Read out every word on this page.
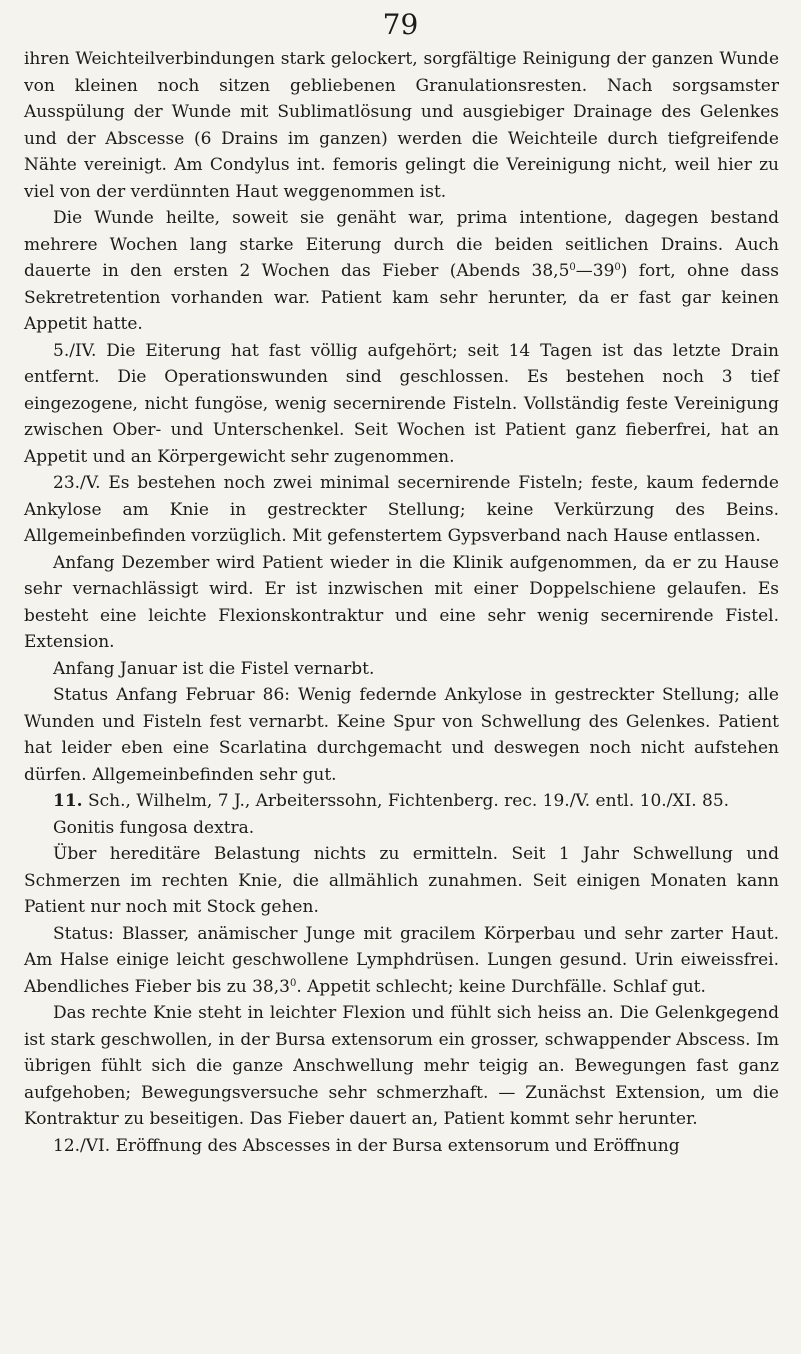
79

ihren Weichteilverbindungen stark gelockert, sorgfältige Reinigung der ganzen Wunde von kleinen noch sitzen gebliebenen Granulationsresten. Nach sorgsamster Ausspülung der Wunde mit Sublimatlösung und ausgiebiger Drainage des Gelenkes und der Abscesse (6 Drains im ganzen) werden die Weichteile durch tiefgreifende Nähte vereinigt. Am Condylus int. femoris gelingt die Vereinigung nicht, weil hier zu viel von der verdünnten Haut weggenommen ist.

Die Wunde heilte, soweit sie genäht war, prima intentione, dagegen bestand mehrere Wochen lang starke Eiterung durch die beiden seitlichen Drains. Auch dauerte in den ersten 2 Wochen das Fieber (Abends $38,5^0—39^0$) fort, ohne dass Sekretretention vorhanden war. Patient kam sehr herunter, da er fast gar keinen Appetit hatte.

5./IV. Die Eiterung hat fast völlig aufgehört; seit 14 Tagen ist das letzte Drain entfernt. Die Operationswunden sind geschlossen. Es bestehen noch 3 tief eingezogene, nicht fungöse, wenig secernirende Fisteln. Vollständig feste Vereinigung zwischen Ober- und Unterschenkel. Seit Wochen ist Patient ganz fieberfrei, hat an Appetit und an Körpergewicht sehr zugenommen.

23./V. Es bestehen noch zwei minimal secernirende Fisteln; feste, kaum federnde Ankylose am Knie in gestreckter Stellung; keine Verkürzung des Beins. Allgemeinbefinden vorzüglich. Mit gefenstertem Gypsverband nach Hause entlassen.

Anfang Dezember wird Patient wieder in die Klinik aufgenommen, da er zu Hause sehr vernachlässigt wird. Er ist inzwischen mit einer Doppelschiene gelaufen. Es besteht eine leichte Flexionskontraktur und eine sehr wenig secernirende Fistel. Extension.

Anfang Januar ist die Fistel vernarbt.

Status Anfang Februar 86: Wenig federnde Ankylose in gestreckter Stellung; alle Wunden und Fisteln fest vernarbt. Keine Spur von Schwellung des Gelenkes. Patient hat leider eben eine Scarlatina durchgemacht und deswegen noch nicht aufstehen dürfen. Allgemeinbefinden sehr gut.

11. Sch., Wilhelm, 7 J., Arbeiterssohn, Fichtenberg. rec. 19./V. entl. 10./XI. 85.

Gonitis fungosa dextra.

Über hereditäre Belastung nichts zu ermitteln. Seit 1 Jahr Schwellung und Schmerzen im rechten Knie, die allmählich zunahmen. Seit einigen Monaten kann Patient nur noch mit Stock gehen.

Status: Blasser, anämischer Junge mit gracilem Körperbau und sehr zarter Haut. Am Halse einige leicht geschwollene Lymphdrüsen. Lungen gesund. Urin eiweissfrei. Abendliches Fieber bis zu 38,3$^0$. Appetit schlecht; keine Durchfälle. Schlaf gut.

Das rechte Knie steht in leichter Flexion und fühlt sich heiss an. Die Gelenkgegend ist stark geschwollen, in der Bursa extensorum ein grosser, schwappender Abscess. Im übrigen fühlt sich die ganze Anschwellung mehr teigig an. Bewegungen fast ganz aufgehoben; Bewegungsversuche sehr schmerzhaft. — Zunächst Extension, um die Kontraktur zu beseitigen. Das Fieber dauert an, Patient kommt sehr herunter.

12./VI. Eröffnung des Abscesses in der Bursa extensorum und Eröffnung
